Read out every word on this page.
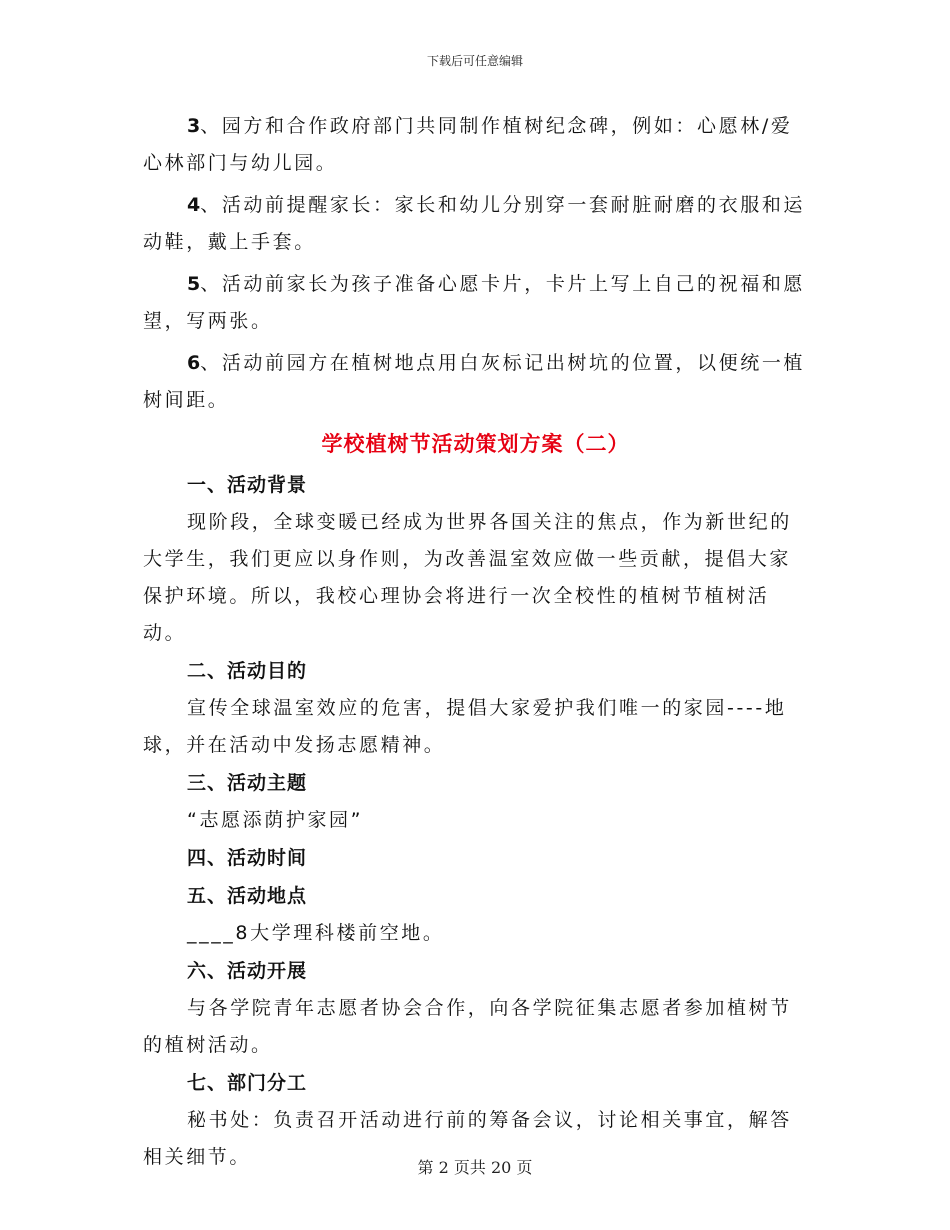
下载后可任意编辑

3、园方和合作政府部门共同制作植树纪念碑，例如：心愿林/爱心林部门与幼儿园。

4、活动前提醒家长：家长和幼儿分别穿一套耐脏耐磨的衣服和运动鞋，戴上手套。

5、活动前家长为孩子准备心愿卡片，卡片上写上自己的祝福和愿望，写两张。

6、活动前园方在植树地点用白灰标记出树坑的位置，以便统一植树间距。

学校植树节活动策划方案（二）

一、活动背景

现阶段，全球变暖已经成为世界各国关注的焦点，作为新世纪的大学生，我们更应以身作则，为改善温室效应做一些贡献，提倡大家保护环境。所以，我校心理协会将进行一次全校性的植树节植树活动。

二、活动目的

宣传全球温室效应的危害，提倡大家爱护我们唯一的家园----地球，并在活动中发扬志愿精神。

三、活动主题

“志愿添荫护家园”

四、活动时间

五、活动地点

____8大学理科楼前空地。

六、活动开展

与各学院青年志愿者协会合作，向各学院征集志愿者参加植树节的植树活动。

七、部门分工

秘书处：负责召开活动进行前的筹备会议，讨论相关事宜，解答相关细节。	第 2 页共 20 页
